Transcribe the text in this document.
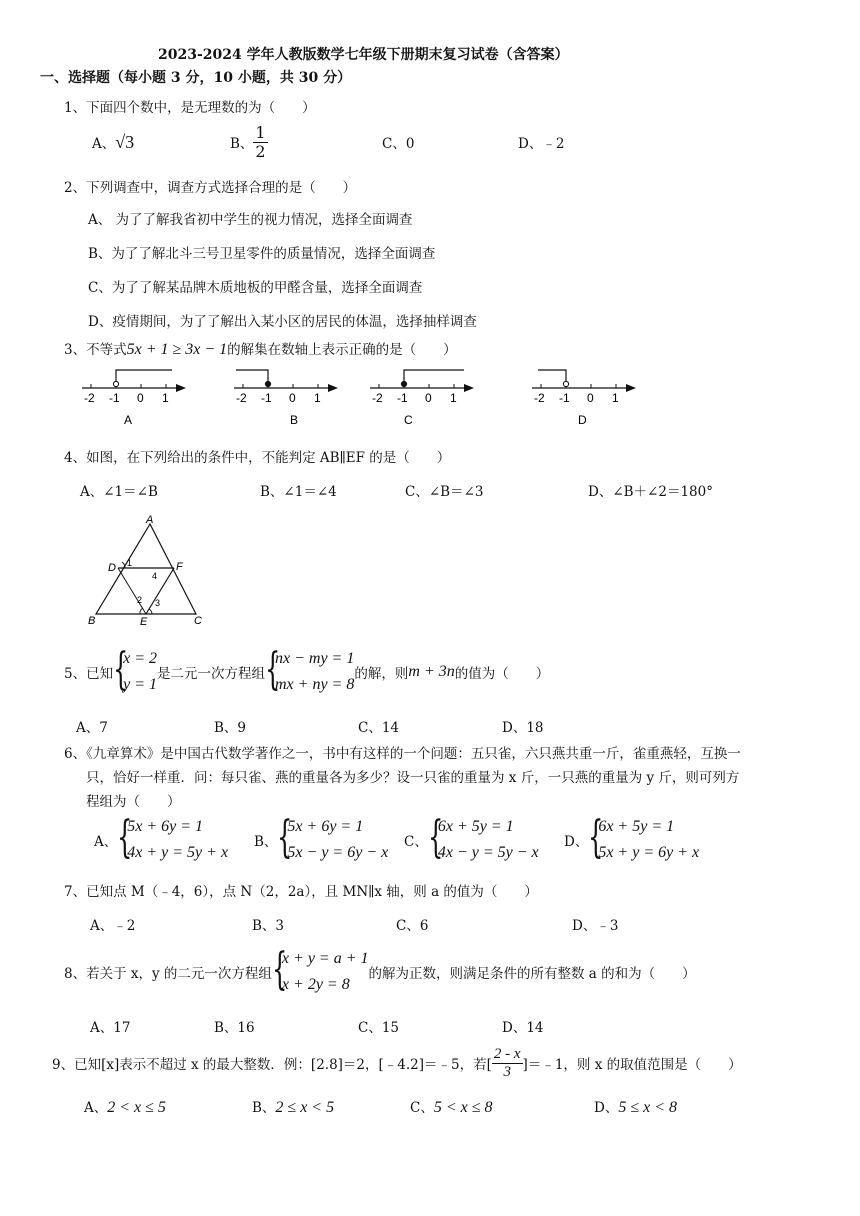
2023-2024 学年人教版数学七年级下册期末复习试卷（含答案）
一、选择题（每小题 3 分，10 小题，共 30 分）
1、下面四个数中，是无理数的为（　　）
A、√3	B、 $\frac{1}{2}$	C、0	D、﹣2
2、下列调查中，调查方式选择合理的是（　　）
A、 为了了解我省初中学生的视力情况，选择全面调查
B、为了了解北斗三号卫星零件的质量情况，选择全面调查
C、为了了解某品牌木质地板的甲醛含量，选择全面调查
D、疫情期间，为了了解出入某小区的居民的体温，选择抽样调查
3、不等式5x + 1 ≥ 3x − 1的解集在数轴上表示正确的是（　　）
-2 -1 0 1
A
-2 -1 0 1
B
-2 -1 0 1
C
-2 -1 0 1
D
4、如图，在下列给出的条件中，不能判定 AB∥EF 的是（　　）
A、∠1＝∠B	B、∠1＝∠4	C、∠B＝∠3	D、∠B＋∠2＝180°
A
B	C
D
E
F
1
2 3
4
5、已知 {
x = 2
y = 1
是二元一次方程组 {
nx − my = 1
mx + ny = 8
的解，则m + 3n的值为（　　）
A、7	B、9	C、14	D、18
6、《九章算术》是中国古代数学著作之一，书中有这样的一个问题：五只雀，六只燕共重一斤，雀重燕轻，互换一
只，恰好一样重．问：每只雀、燕的重量各为多少？设一只雀的重量为 x 斤，一只燕的重量为 y 斤，则可列方
程组为（　　）
A、 {
5x + 6y = 1
4x + y = 5y + x
B、 {
5x + 6y = 1
5x − y = 6y − x
C、 {
6x + 5y = 1
4x − y = 5y − x
D、 {
6x + 5y = 1
5x + y = 6y + x
7、已知点 M（﹣4，6），点 N（2，2a），且 MN∥x 轴，则 a 的值为（　　）
A、﹣2	B、3	C、6	D、﹣3
8、若关于 x，y 的二元一次方程组 {
x + y = a + 1
x + 2y = 8
的解为正数，则满足条件的所有整数 a 的和为（　　）
A、17	B、16	C、15	D、14
9、已知[x]表示不超过 x 的最大整数．例：[2.8]＝2，[﹣4.2]＝﹣5，若[ $\frac{2 - x}{3}$ ]＝﹣1，则 x 的取值范围是（　　）
A、2 < x ≤ 5	B、2 ≤ x < 5	C、5 < x ≤ 8	D、5 ≤ x < 8
